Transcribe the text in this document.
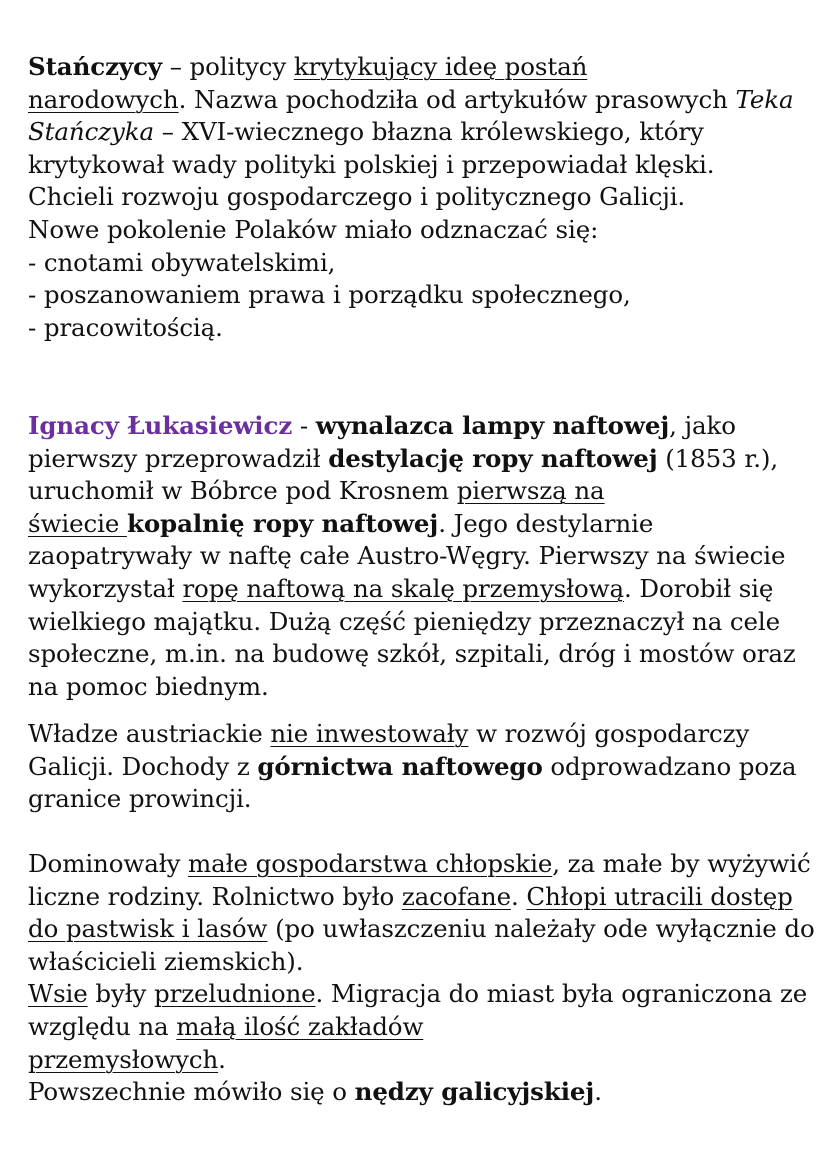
Stańczycy – politycy krytykujący ideę postań
narodowych. Nazwa pochodziła od artykułów prasowych Teka Stańczyka – XVI-wiecznego błazna królewskiego, który krytykował wady polityki polskiej i przepowiadał klęski.
Chcieli rozwoju gospodarczego i politycznego Galicji.
Nowe pokolenie Polaków miało odznaczać się:
- cnotami obywatelskimi,
- poszanowaniem prawa i porządku społecznego,
- pracowitością.

Ignacy Łukasiewicz - wynalazca lampy naftowej, jako pierwszy przeprowadził destylację ropy naftowej (1853 r.), uruchomił w Bóbrce pod Krosnem pierwszą na
świecie kopalnię ropy naftowej. Jego destylarnie zaopatrywały w naftę całe Austro-Węgry. Pierwszy na świecie wykorzystał ropę naftową na skalę przemysłową. Dorobił się wielkiego majątku. Dużą część pieniędzy przeznaczył na cele społeczne, m.in. na budowę szkół, szpitali, dróg i mostów oraz na pomoc biednym.

Władze austriackie nie inwestowały w rozwój gospodarczy Galicji. Dochody z górnictwa naftowego odprowadzano poza granice prowincji.

Dominowały małe gospodarstwa chłopskie, za małe by wyżywić liczne rodziny. Rolnictwo było zacofane. Chłopi utracili dostęp do pastwisk i lasów (po uwłaszczeniu należały ode wyłącznie do właścicieli ziemskich).
Wsie były przeludnione. Migracja do miast była ograniczona ze względu na małą ilość zakładów
przemysłowych.
Powszechnie mówiło się o nędzy galicyjskiej.
